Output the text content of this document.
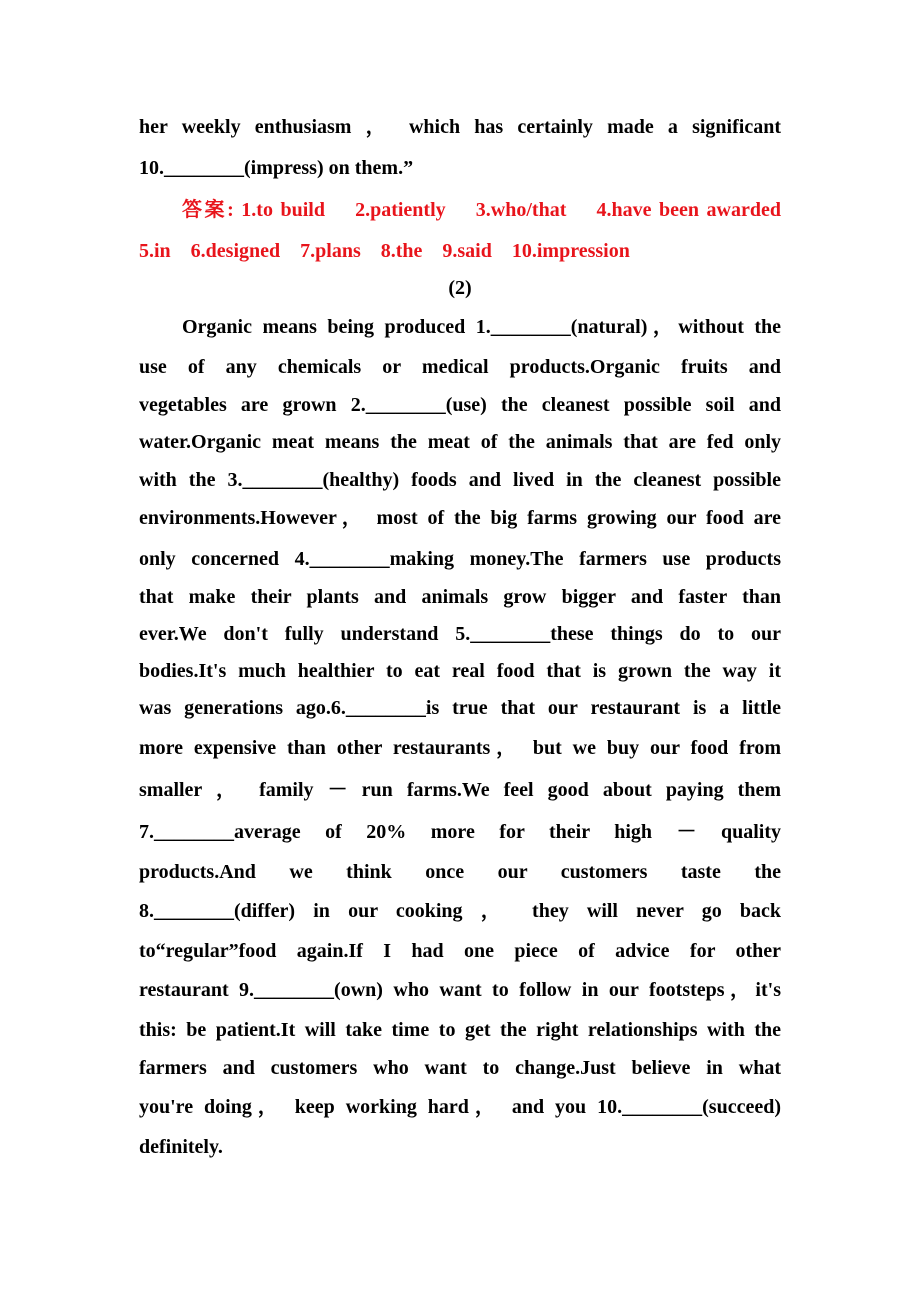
her weekly enthusiasm ， which has certainly made a significant
10.________(impress) on them.”
答案: 1.to build    2.patiently    3.who/that    4.have been awarded
5.in    6.designed    7.plans    8.the    9.said    10.impression
(2)
Organic means being produced 1.________(natural)，without the
use of any chemicals or medical products.Organic fruits and
vegetables are grown 2.________(use) the cleanest possible soil and
water.Organic meat means the meat of the animals that are fed only
with the 3.________(healthy) foods and lived in the cleanest possible
environments.However， most of the big farms growing our food are
only concerned 4.________making money.The farmers use products
that make their plants and animals grow bigger and faster than
ever.We don't fully understand 5.________these things do to our
bodies.It's much healthier to eat real food that is grown the way it
was generations ago.6.________is true that our restaurant is a little
more expensive than other restaurants， but we buy our food from
smaller ， family － run farms.We feel good about paying them
7.________average of 20% more for their high － quality
products.And we think once our customers taste the
8.________(differ) in our cooking ， they will never go back
to“regular”food again.If I had one piece of advice for other
restaurant 9.________(own) who want to follow in our footsteps，it's
this: be patient.It will take time to get the right relationships with the
farmers and customers who want to change.Just believe in what
you're doing， keep working hard， and you 10.________(succeed)
definitely.
